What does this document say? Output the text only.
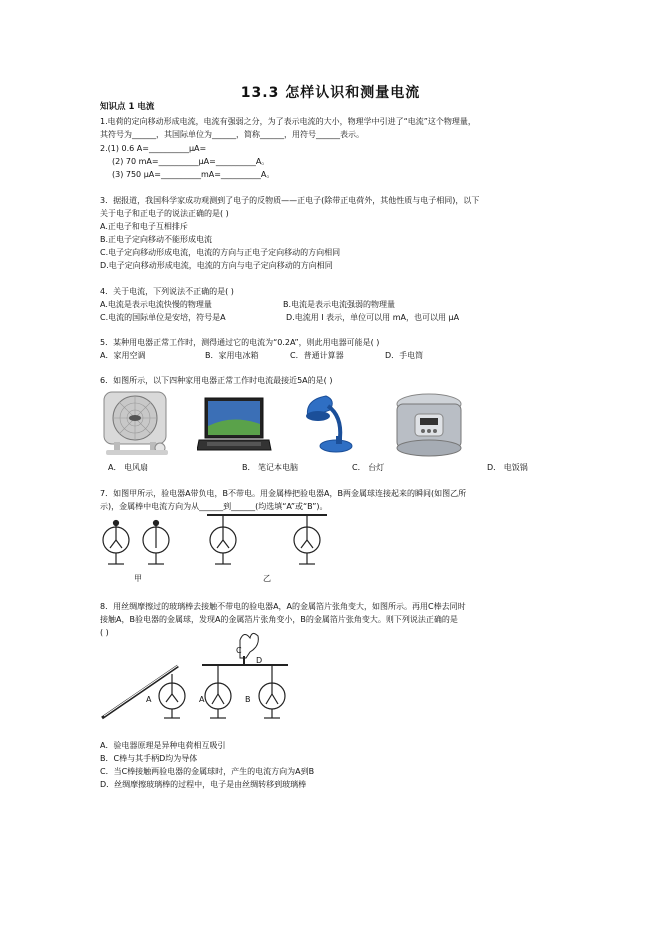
13.3 怎样认识和测量电流
知识点 1 电流
1.电荷的定向移动形成电流，电流有强弱之分，为了表示电流的大小，物理学中引进了“电流”这个物理量，
其符号为______，其国际单位为______，简称______，用符号______表示。
2.(1) 0.6 A=__________μA=
(2) 70 mA=__________μA=__________A。
(3) 750 μA=__________mA=__________A。
3．据报道，我国科学家成功观测到了电子的反物质——正电子(除带正电荷外，其他性质与电子相同)，以下
关于电子和正电子的说法正确的是( )
A.正电子和电子互相排斥
B.正电子定向移动不能形成电流
C.电子定向移动形成电流，电流的方向与正电子定向移动的方向相同
D.电子定向移动形成电流，电流的方向与电子定向移动的方向相同
4．关于电流，下列说法不正确的是( )
A.电流是表示电流快慢的物理量	B.电流是表示电流强弱的物理量
C.电流的国际单位是安培，符号是A	D.电流用 I 表示，单位可以用 mA，也可以用 μA
5．某种用电器正常工作时，测得通过它的电流为“0.2A”，则此用电器可能是( )
A．家用空调	B．家用电冰箱	C．普通计算器	D．手电筒
6．如图所示，以下四种家用电器正常工作时电流最接近5A的是( )
A． 电风扇	B． 笔记本电脑	C． 台灯	D． 电饭锅
7．如图甲所示，验电器A带负电，B不带电。用金属棒把验电器A，B两金属球连接起来的瞬间(如图乙所
示)，金属棒中电流方向为从______到______(均选填“A”或“B”)。
甲	乙
8．用丝绸摩擦过的玻璃棒去接触不带电的验电器A，A的金属箔片张角变大，如图所示。再用C棒去同时
接触A，B验电器的金属球，发现A的金属箔片张角变小，B的金属箔片张角变大。则下列说法正确的是
( )
A	A	B
C
D
A．验电器原理是异种电荷相互吸引
B．C棒与其手柄D均为导体
C．当C棒接触两验电器的金属球时，产生的电流方向为A到B
D．丝绸摩擦玻璃棒的过程中，电子是由丝绸转移到玻璃棒
